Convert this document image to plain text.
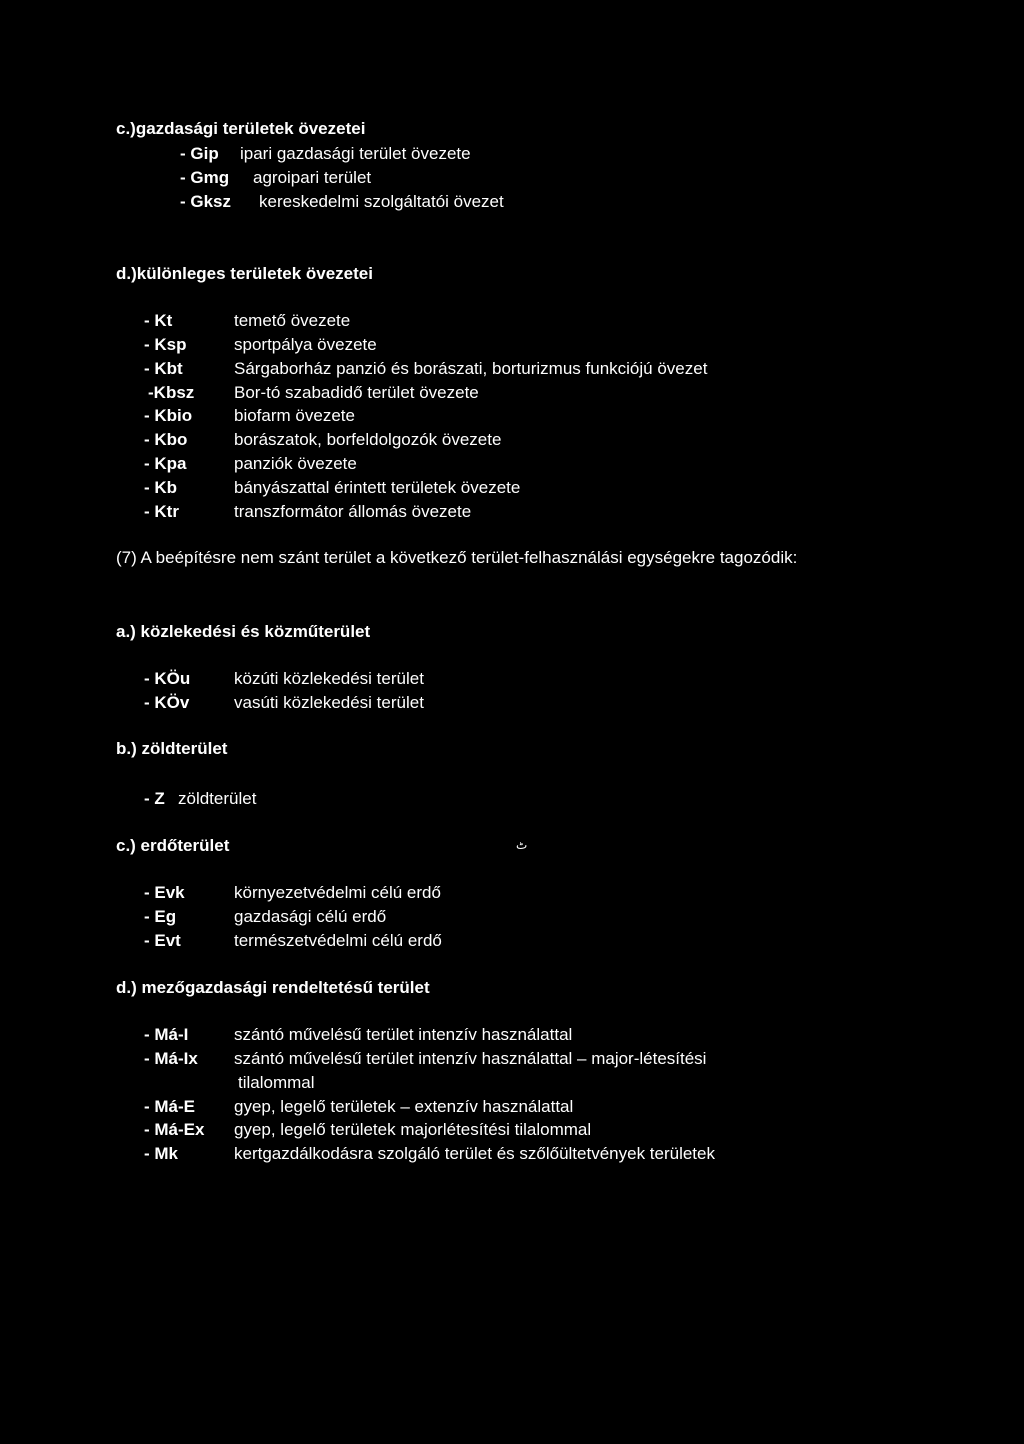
c.)gazdasági területek övezetei
- Gip ipari gazdasági terület övezete
- Gmg agroipari terület
- Gksz kereskedelmi szolgáltatói övezet
d.)különleges területek övezetei
- Kt	temető övezete
- Ksp	sportpálya övezete
- Kbt	Sárgaborház panzió és borászati, borturizmus funkciójú övezet
-Kbsz Bor-tó szabadidő terület övezete
- Kbio biofarm övezete
- Kbo	borászatok, borfeldolgozók övezete
- Kpa	panziók övezete
- Kb	bányászattal érintett területek övezete
- Ktr	transzformátor állomás övezete
(7) A beépítésre nem szánt terület a következő terület-felhasználási egységekre tagozódik:
a.) közlekedési és közműterület
- KÖu	közúti közlekedési terület
- KÖv	vasúti közlekedési terület
b.) zöldterület
- Z zöldterület
c.) erdőterület	ٹ
- Evk	környezetvédelmi célú erdő
- Eg	gazdasági célú erdő
- Evt	természetvédelmi célú erdő
d.) mezőgazdasági rendeltetésű terület
- Má-I	szántó művelésű terület intenzív használattal
- Má-Ix szántó művelésű terület intenzív használattal – major-létesítési
tilalommal
- Má-E gyep, legelő területek – extenzív használattal
- Má-Ex gyep, legelő területek majorlétesítési tilalommal
- Mk	kertgazdálkodásra szolgáló terület és szőlőültetvények területek
